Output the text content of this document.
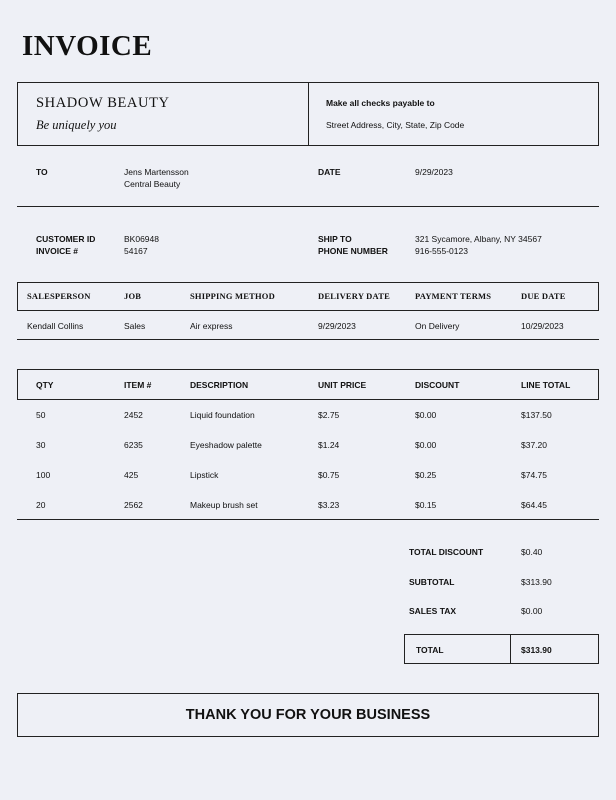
INVOICE
SHADOW BEAUTY
Be uniquely you
Make all checks payable to
Street Address, City, State, Zip Code
TO	Jens Martensson
Central Beauty
DATE	9/29/2023
CUSTOMER ID	BK06948
INVOICE #	54167
SHIP TO	321 Sycamore, Albany, NY 34567
PHONE NUMBER	916-555-0123
SALESPERSON	JOB	SHIPPING METHOD	DELIVERY DATE	PAYMENT TERMS	DUE DATE
Kendall Collins	Sales	Air express	9/29/2023	On Delivery	10/29/2023
QTY	ITEM #	DESCRIPTION	UNIT PRICE	DISCOUNT	LINE TOTAL
50	2452	Liquid foundation	$2.75	$0.00	$137.50
30	6235	Eyeshadow palette	$1.24	$0.00	$37.20
100	425	Lipstick	$0.75	$0.25	$74.75
20	2562	Makeup brush set	$3.23	$0.15	$64.45
TOTAL DISCOUNT	$0.40
SUBTOTAL	$313.90
SALES TAX	$0.00
TOTAL	$313.90
THANK YOU FOR YOUR BUSINESS
